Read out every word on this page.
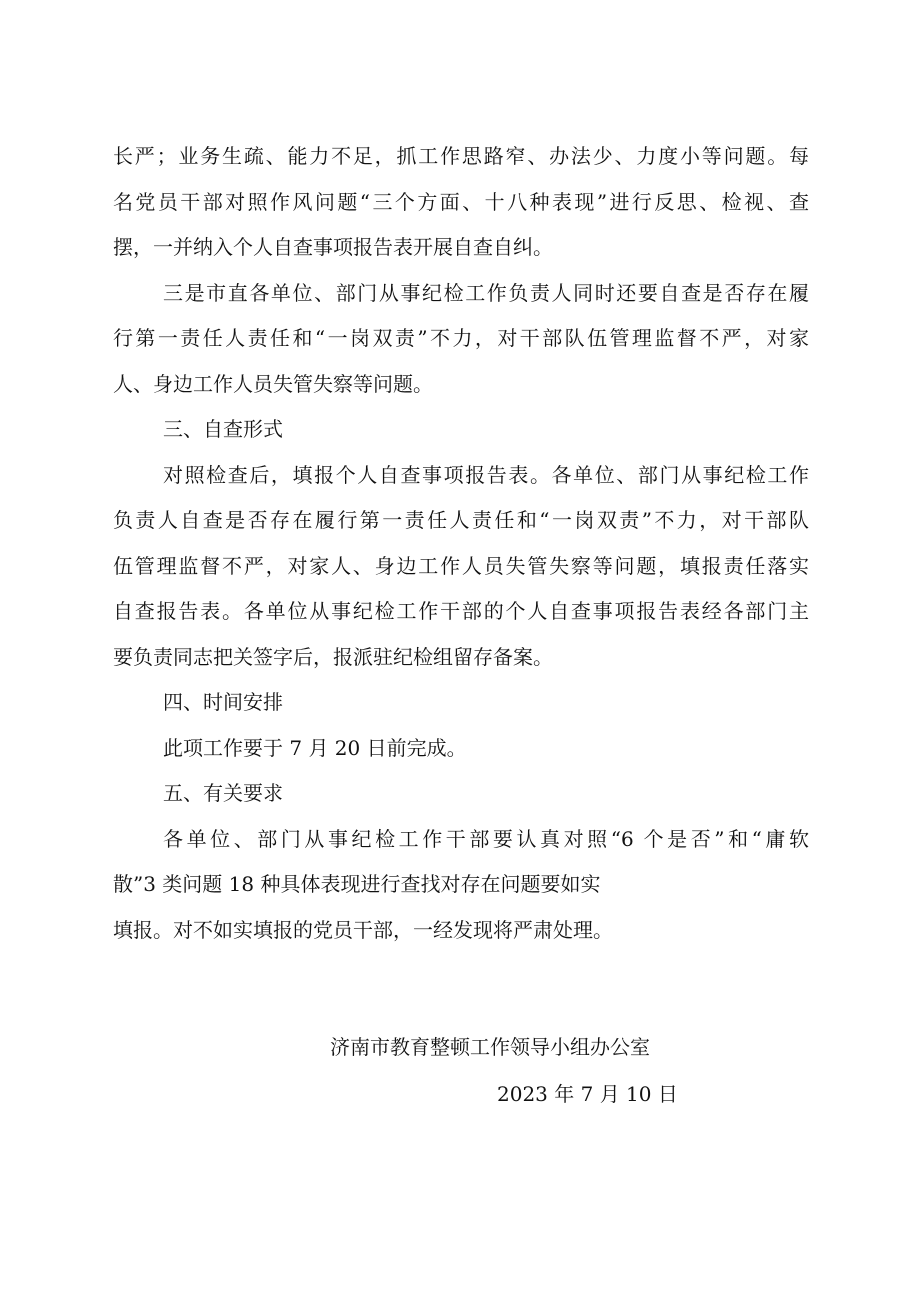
长严；业务生疏、能力不足，抓工作思路窄、办法少、力度小等问题。每
名党员干部对照作风问题“三个方面、十八种表现”进行反思、检视、查
摆，一并纳入个人自查事项报告表开展自查自纠。
三是市直各单位、部门从事纪检工作负责人同时还要自查是否存在履
行第一责任人责任和“一岗双责”不力，对干部队伍管理监督不严，对家
人、身边工作人员失管失察等问题。
三、自查形式
对照检查后，填报个人自查事项报告表。各单位、部门从事纪检工作
负责人自查是否存在履行第一责任人责任和“一岗双责”不力，对干部队
伍管理监督不严，对家人、身边工作人员失管失察等问题，填报责任落实
自查报告表。各单位从事纪检工作干部的个人自查事项报告表经各部门主
要负责同志把关签字后，报派驻纪检组留存备案。
四、时间安排
此项工作要于 7 月 20 日前完成。
五、有关要求
各单位、部门从事纪检工作干部要认真对照“6 个是否”和“庸软
散”3 类问题 18 种具体表现进行查找对存在问题要如实
填报。对不如实填报的党员干部，一经发现将严肃处理。
济南市教育整顿工作领导小组办公室
2023 年 7 月 10 日
